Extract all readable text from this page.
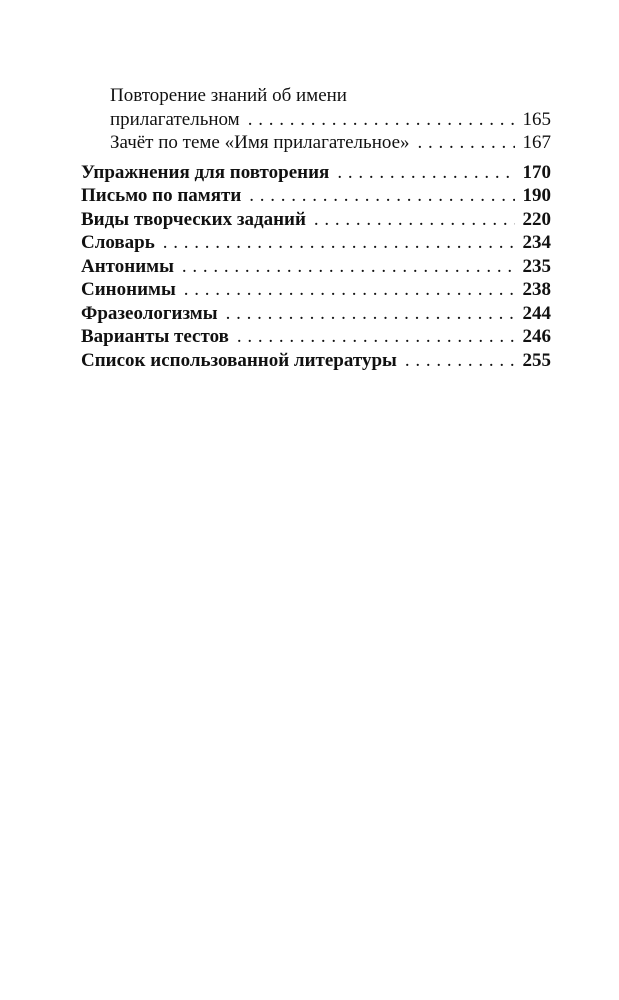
Повторение знаний об имени
прилагательном . . .	165
Зачёт по теме «Имя прилагательное» . . .	167
Упражнения для повторения . . .	170
Письмо по памяти . . .	190
Виды творческих заданий . . .	220
Словарь . . .	234
Антонимы . . .	235
Синонимы . . .	238
Фразеологизмы . . .	244
Варианты тестов . . .	246
Список использованной литературы . . .	255
